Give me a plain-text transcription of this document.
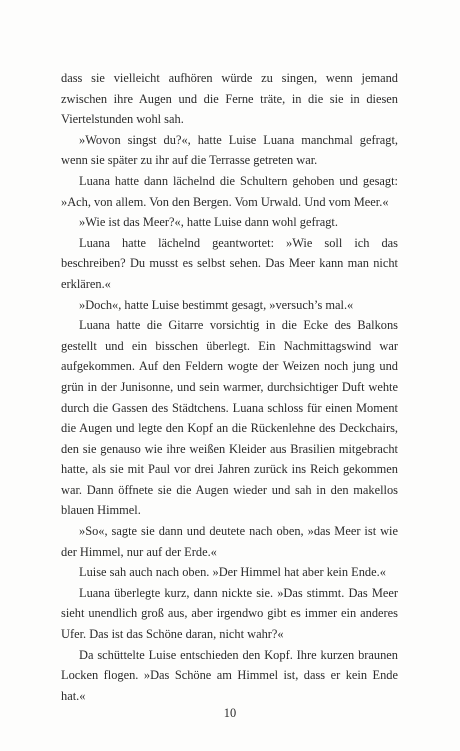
dass sie vielleicht aufhören würde zu singen, wenn jemand zwischen ihre Augen und die Ferne träte, in die sie in diesen Viertelstunden wohl sah.

»Wovon singst du?«, hatte Luise Luana manchmal gefragt, wenn sie später zu ihr auf die Terrasse getreten war.

Luana hatte dann lächelnd die Schultern gehoben und gesagt: »Ach, von allem. Von den Bergen. Vom Urwald. Und vom Meer.«

»Wie ist das Meer?«, hatte Luise dann wohl gefragt.

Luana hatte lächelnd geantwortet: »Wie soll ich das beschreiben? Du musst es selbst sehen. Das Meer kann man nicht erklären.«

»Doch«, hatte Luise bestimmt gesagt, »versuch’s mal.«

Luana hatte die Gitarre vorsichtig in die Ecke des Balkons gestellt und ein bisschen überlegt. Ein Nachmittagswind war aufgekommen. Auf den Feldern wogte der Weizen noch jung und grün in der Junisonne, und sein warmer, durchsichtiger Duft wehte durch die Gassen des Städtchens. Luana schloss für einen Moment die Augen und legte den Kopf an die Rückenlehne des Deckchairs, den sie genauso wie ihre weißen Kleider aus Brasilien mitgebracht hatte, als sie mit Paul vor drei Jahren zurück ins Reich gekommen war. Dann öffnete sie die Augen wieder und sah in den makellos blauen Himmel.

»So«, sagte sie dann und deutete nach oben, »das Meer ist wie der Himmel, nur auf der Erde.«

Luise sah auch nach oben. »Der Himmel hat aber kein Ende.«

Luana überlegte kurz, dann nickte sie. »Das stimmt. Das Meer sieht unendlich groß aus, aber irgendwo gibt es immer ein anderes Ufer. Das ist das Schöne daran, nicht wahr?«

Da schüttelte Luise entschieden den Kopf. Ihre kurzen braunen Locken flogen. »Das Schöne am Himmel ist, dass er kein Ende hat.«

10
